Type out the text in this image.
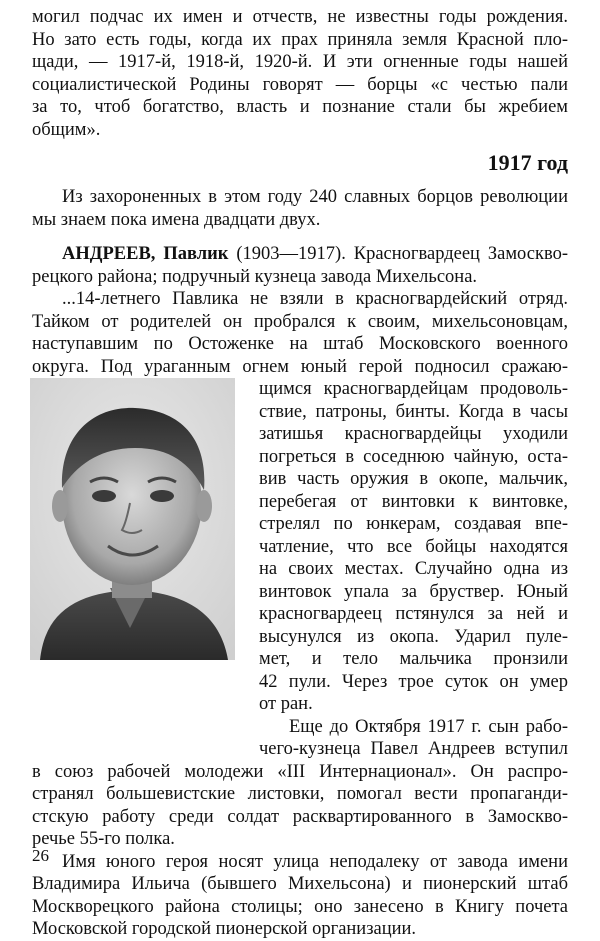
могил подчас их имен и отчеств, не известны годы рождения.
Но зато есть годы, когда их прах приняла земля Красной пло-
щади, — 1917-й, 1918-й, 1920-й. И эти огненные годы нашей
социалистической Родины говорят — борцы «с честью пали
за то, чтоб богатство, власть и познание стали бы жребием
общим».
1917 год
Из захороненных в этом году 240 славных борцов революции
мы знаем пока имена двадцати двух.
АНДРЕЕВ, Павлик (1903—1917). Красногвардеец Замоскво-
рецкого района; подручный кузнеца завода Михельсона.
...14-летнего Павлика не взяли в красногвардейский отряд.
Тайком от родителей он пробрался к своим, михельсоновцам,
наступавшим по Остоженке на штаб Московского военного
округа. Под ураганным огнем юный герой подносил сражаю-
щимся красногвардейцам продоволь-
ствие, патроны, бинты. Когда в часы
затишья красногвардейцы уходили
погреться в соседнюю чайную, оста-
вив часть оружия в окопе, мальчик,
перебегая от винтовки к винтовке,
стрелял по юнкерам, создавая впе-
чатление, что все бойцы находятся
на своих местах. Случайно одна из
винтовок упала за бруствер. Юный
красногвардеец пстянулся за ней и
высунулся из окопа. Ударил пуле-
мет, и тело мальчика пронзили
42 пули. Через трое суток он умер
от ран.
Еще до Октября 1917 г. сын рабо-
чего-кузнеца Павел Андреев вступил
в союз рабочей молодежи «III Интернационал». Он распро-
странял большевистские листовки, помогал вести пропаганди-
стскую работу среди солдат расквартированного в Замоскво-
речье 55-го полка.
Имя юного героя носят улица неподалеку от завода имени
Владимира Ильича (бывшего Михельсона) и пионерский штаб
Москворецкого района столицы; оно занесено в Книгу почета
Московской городской пионерской организации.
26
